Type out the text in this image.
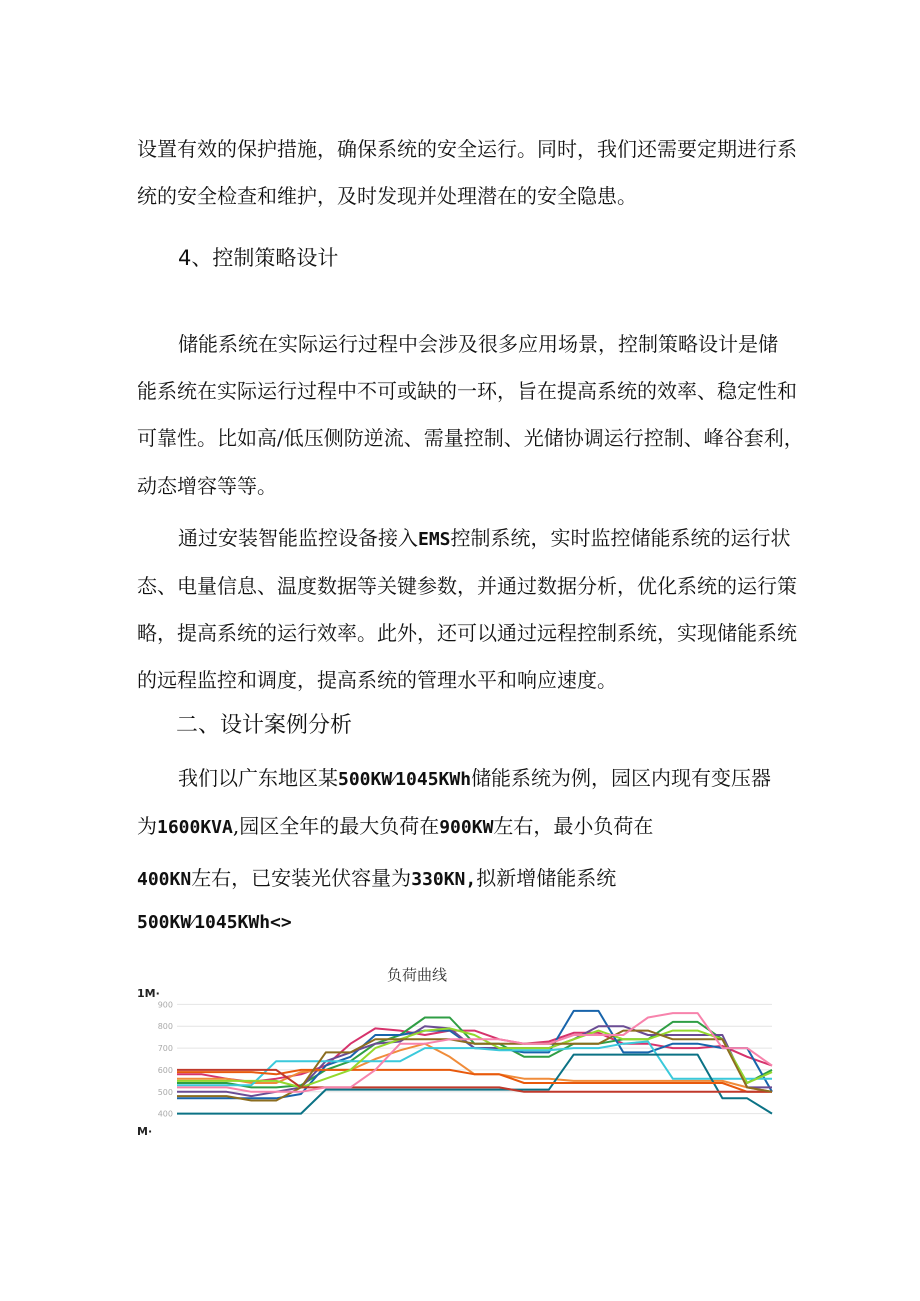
设置有效的保护措施，确保系统的安全运行。同时，我们还需要定期进行系

统的安全检查和维护，及时发现并处理潜在的安全隐患。

4、控制策略设计

储能系统在实际运行过程中会涉及很多应用场景，控制策略设计是储

能系统在实际运行过程中不可或缺的一环，旨在提高系统的效率、稳定性和

可靠性。比如高/低压侧防逆流、需量控制、光储协调运行控制、峰谷套利，

动态增容等等。

通过安装智能监控设备接入EMS控制系统，实时监控储能系统的运行状

态、电量信息、温度数据等关键参数，并通过数据分析，优化系统的运行策

略，提高系统的运行效率。此外，还可以通过远程控制系统，实现储能系统

的远程监控和调度，提高系统的管理水平和响应速度。

二、设计案例分析

我们以广东地区某500KW⁄1045KWh储能系统为例，园区内现有变压器

为1600KVA,园区全年的最大负荷在900KW左右，最小负荷在

400KN左右，已安装光伏容量为330KN,拟新增储能系统

500KW⁄1045KWh<>

负荷曲线
1M·
M·
900
800
700
600
500
400
